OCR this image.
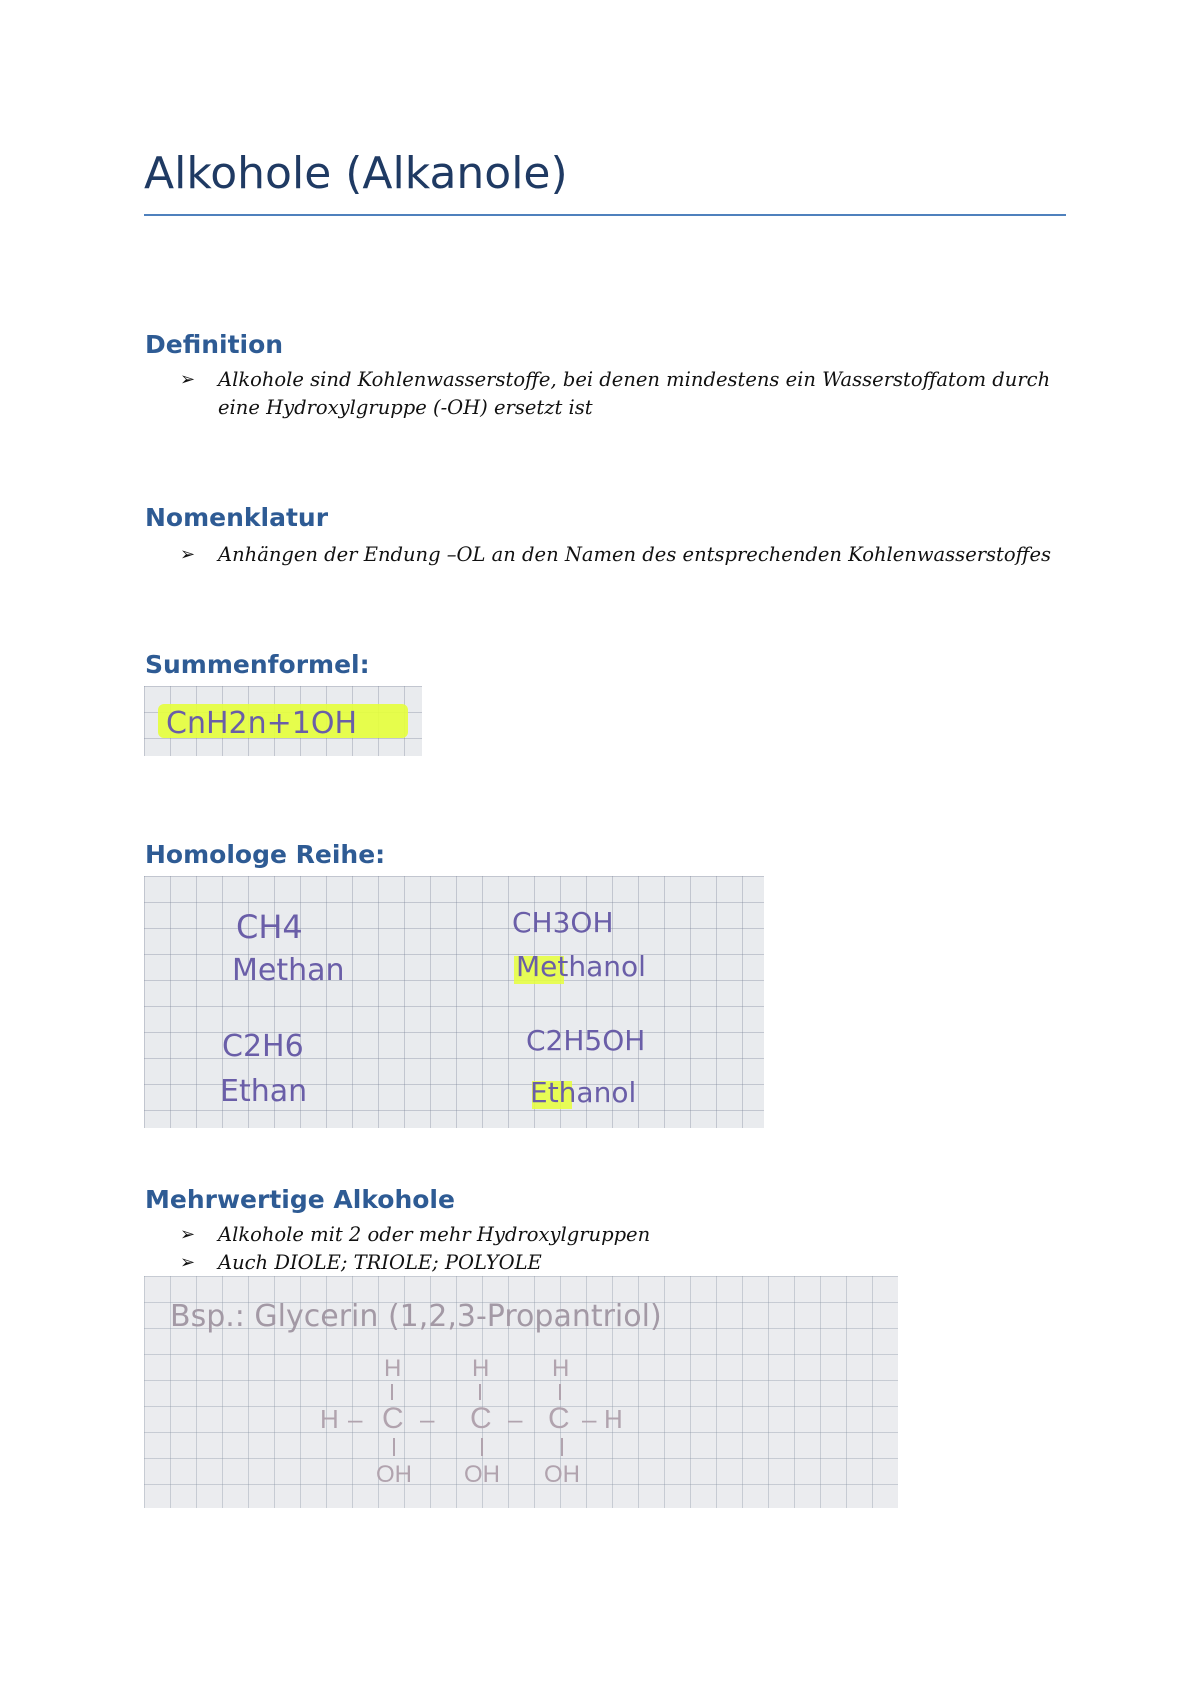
Alkohole (Alkanole)
Definition
➢ Alkohole sind Kohlenwasserstoffe, bei denen mindestens ein Wasserstoffatom durch
eine Hydroxylgruppe (-OH) ersetzt ist
Nomenklatur
➢ Anhängen der Endung –OL an den Namen des entsprechenden Kohlenwasserstoffes
Summenformel:
CnH2n+1OH
Homologe Reihe:
CH4
Methan
CH3OH
Methanol
C2H6
Ethan
C2H5OH
Ethanol
Mehrwertige Alkohole
➢ Alkohole mit 2 oder mehr Hydroxylgruppen
➢ Auch DIOLE; TRIOLE; POLYOLE
Bsp.: Glycerin (1,2,3-Propantriol)
H	H	H
H – C – C – C – H
OH OH OH
